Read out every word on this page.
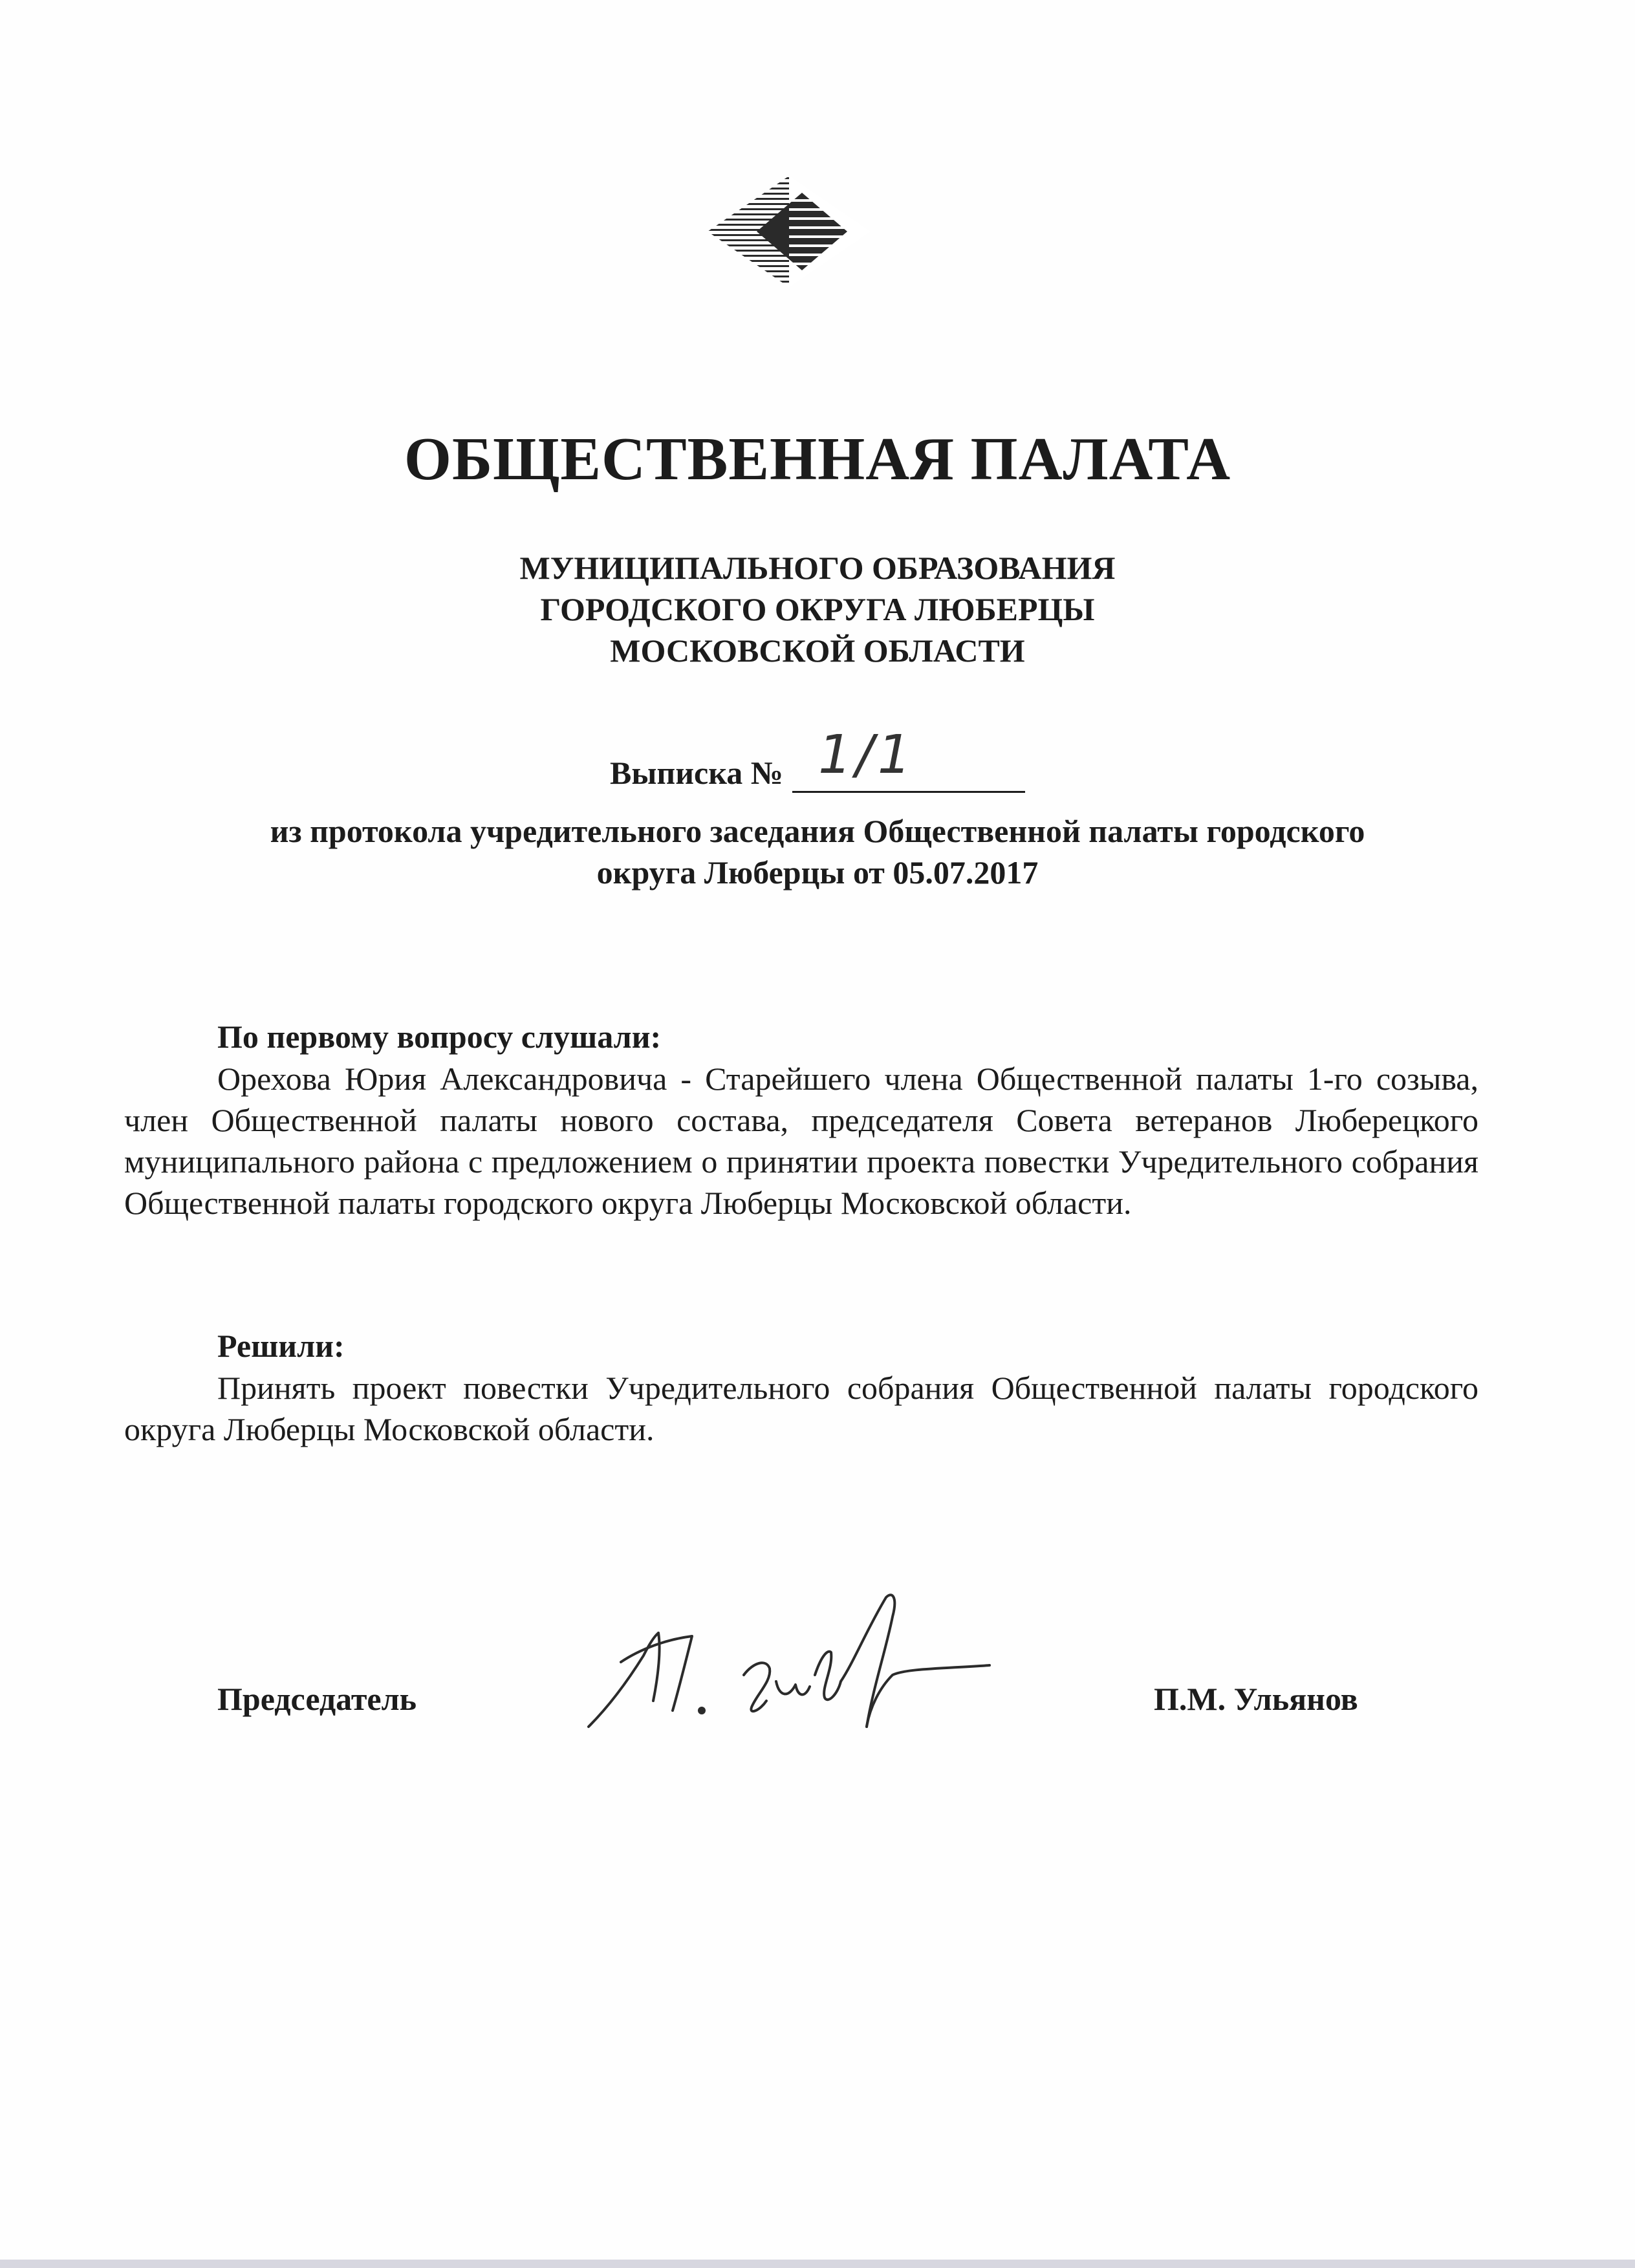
ОБЩЕСТВЕННАЯ ПАЛАТА
МУНИЦИПАЛЬНОГО ОБРАЗОВАНИЯ
ГОРОДСКОГО ОКРУГА ЛЮБЕРЦЫ
МОСКОВСКОЙ ОБЛАСТИ
Выписка № 1/1
из протокола учредительного заседания Общественной палаты городского
округа Люберцы от 05.07.2017
По первому вопросу слушали:
Орехова Юрия Александровича - Старейшего члена Общественной палаты 1-го созыва, член Общественной палаты нового состава, председателя Совета ветеранов Люберецкого муниципального района с предложением о принятии проекта повестки Учредительного собрания Общественной палаты городского округа Люберцы Московской области.
Решили:
Принять проект повестки Учредительного собрания Общественной палаты городского округа Люберцы Московской области.
Председатель	П.М. Ульянов
